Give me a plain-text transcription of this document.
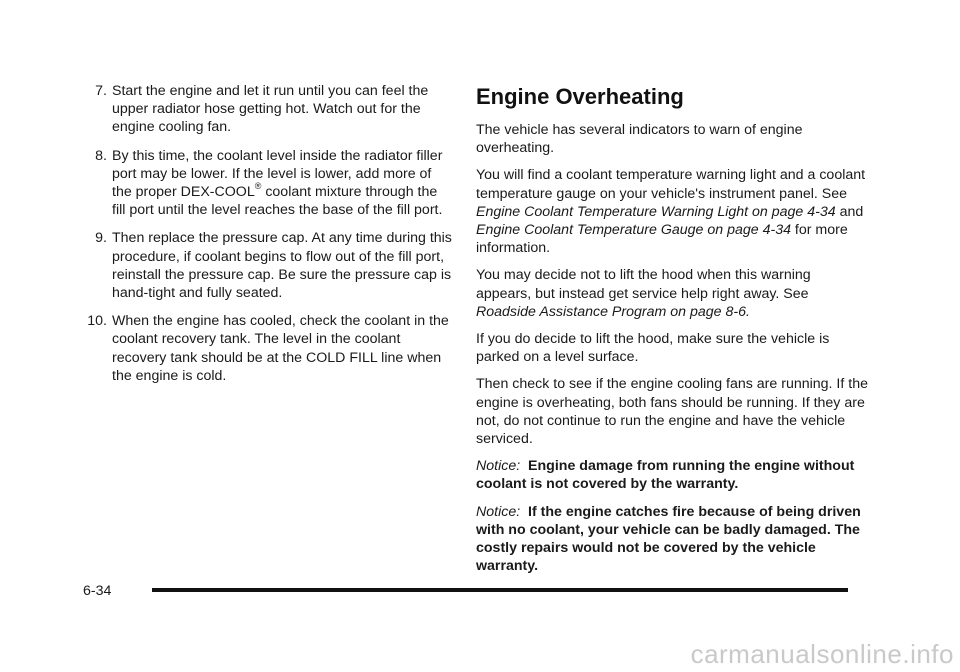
7. Start the engine and let it run until you can feel the upper radiator hose getting hot. Watch out for the engine cooling fan.
8. By this time, the coolant level inside the radiator filler port may be lower. If the level is lower, add more of the proper DEX-COOL® coolant mixture through the fill port until the level reaches the base of the fill port.
9. Then replace the pressure cap. At any time during this procedure, if coolant begins to flow out of the fill port, reinstall the pressure cap. Be sure the pressure cap is hand-tight and fully seated.
10. When the engine has cooled, check the coolant in the coolant recovery tank. The level in the coolant recovery tank should be at the COLD FILL line when the engine is cold.
Engine Overheating

The vehicle has several indicators to warn of engine overheating.

You will find a coolant temperature warning light and a coolant temperature gauge on your vehicle's instrument panel. See Engine Coolant Temperature Warning Light on page 4‑34 and Engine Coolant Temperature Gauge on page 4‑34 for more information.

You may decide not to lift the hood when this warning appears, but instead get service help right away. See Roadside Assistance Program on page 8‑6.

If you do decide to lift the hood, make sure the vehicle is parked on a level surface.

Then check to see if the engine cooling fans are running. If the engine is overheating, both fans should be running. If they are not, do not continue to run the engine and have the vehicle serviced.

Notice: Engine damage from running the engine without coolant is not covered by the warranty.

Notice: If the engine catches fire because of being driven with no coolant, your vehicle can be badly damaged. The costly repairs would not be covered by the vehicle warranty.

6-34
carmanualsonline.info
